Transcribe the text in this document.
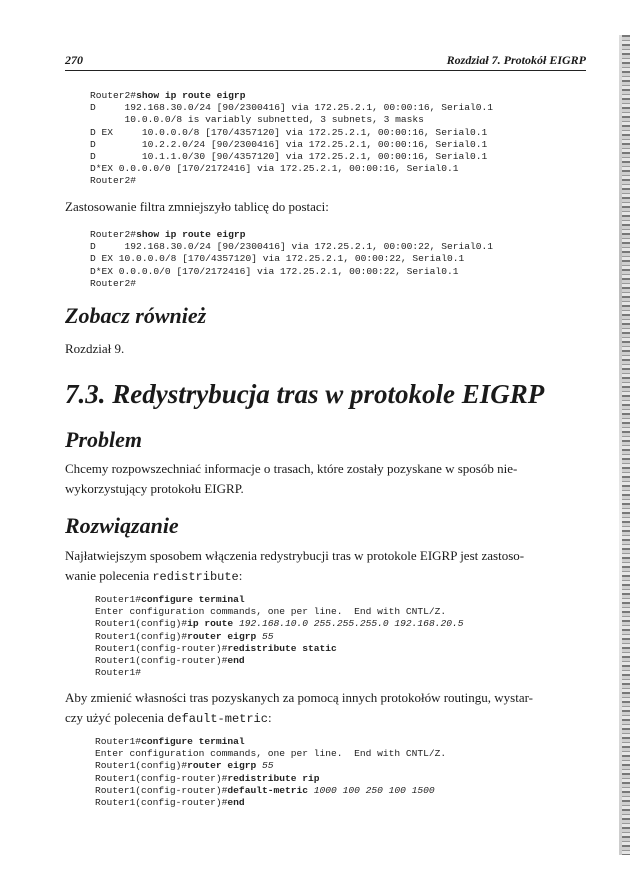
270	Rozdział 7. Protokół EIGRP
Router2#show ip route eigrp
D     192.168.30.0/24 [90/2300416] via 172.25.2.1, 00:00:16, Serial0.1
10.0.0.0/8 is variably subnetted, 3 subnets, 3 masks
D EX     10.0.0.0/8 [170/4357120] via 172.25.2.1, 00:00:16, Serial0.1
D        10.2.2.0/24 [90/2300416] via 172.25.2.1, 00:00:16, Serial0.1
D        10.1.1.0/30 [90/4357120] via 172.25.2.1, 00:00:16, Serial0.1
D*EX 0.0.0.0/0 [170/2172416] via 172.25.2.1, 00:00:16, Serial0.1
Router2#
Zastosowanie filtra zmniejszyło tablicę do postaci:
Router2#show ip route eigrp
D     192.168.30.0/24 [90/2300416] via 172.25.2.1, 00:00:22, Serial0.1
D EX 10.0.0.0/8 [170/4357120] via 172.25.2.1, 00:00:22, Serial0.1
D*EX 0.0.0.0/0 [170/2172416] via 172.25.2.1, 00:00:22, Serial0.1
Router2#
Zobacz również
Rozdział 9.
7.3. Redystrybucja tras w protokole EIGRP
Problem
Chcemy rozpowszechniać informacje o trasach, które zostały pozyskane w sposób nie-
wykorzystujący protokołu EIGRP.
Rozwiązanie
Najłatwiejszym sposobem włączenia redystrybucji tras w protokole EIGRP jest zastoso-
wanie polecenia redistribute:
Router1#configure terminal
Enter configuration commands, one per line.  End with CNTL/Z.
Router1(config)#ip route 192.168.10.0 255.255.255.0 192.168.20.5
Router1(config)#router eigrp 55
Router1(config-router)#redistribute static
Router1(config-router)#end
Router1#
Aby zmienić własności tras pozyskanych za pomocą innych protokołów routingu, wystar-
czy użyć polecenia default-metric:
Router1#configure terminal
Enter configuration commands, one per line.  End with CNTL/Z.
Router1(config)#router eigrp 55
Router1(config-router)#redistribute rip
Router1(config-router)#default-metric 1000 100 250 100 1500
Router1(config-router)#end
